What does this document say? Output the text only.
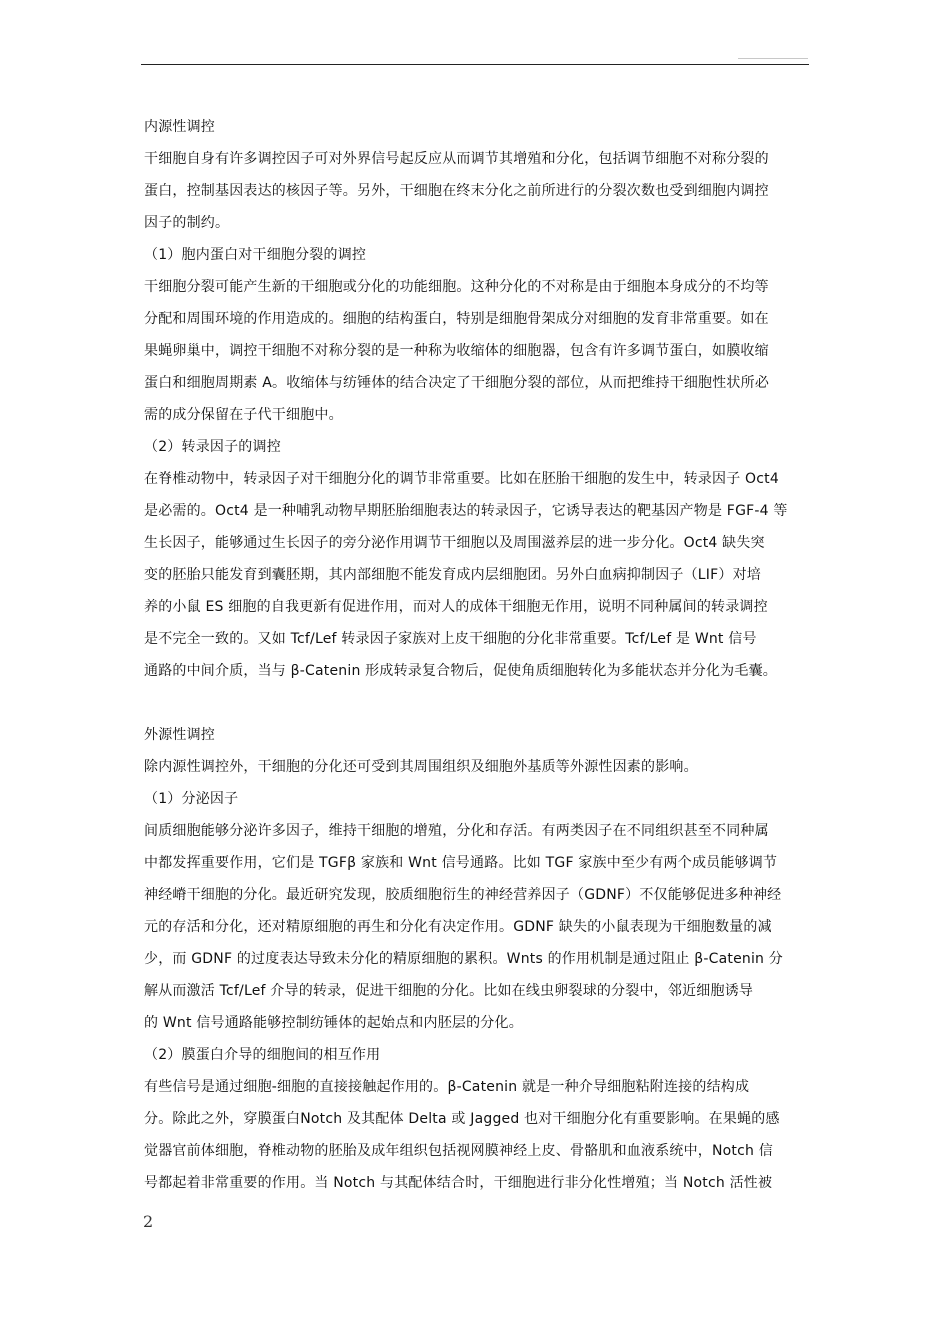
内源性调控
干细胞自身有许多调控因子可对外界信号起反应从而调节其增殖和分化，包括调节细胞不对称分裂的
蛋白，控制基因表达的核因子等。另外，干细胞在终末分化之前所进行的分裂次数也受到细胞内调控
因子的制约。
（1）胞内蛋白对干细胞分裂的调控
干细胞分裂可能产生新的干细胞或分化的功能细胞。这种分化的不对称是由于细胞本身成分的不均等
分配和周围环境的作用造成的。细胞的结构蛋白，特别是细胞骨架成分对细胞的发育非常重要。如在
果蝇卵巢中，调控干细胞不对称分裂的是一种称为收缩体的细胞器，包含有许多调节蛋白，如膜收缩
蛋白和细胞周期素 A。收缩体与纺锤体的结合决定了干细胞分裂的部位，从而把维持干细胞性状所必
需的成分保留在子代干细胞中。
（2）转录因子的调控
在脊椎动物中，转录因子对干细胞分化的调节非常重要。比如在胚胎干细胞的发生中，转录因子 Oct4
是必需的。Oct4 是一种哺乳动物早期胚胎细胞表达的转录因子，它诱导表达的靶基因产物是 FGF-4 等
生长因子，能够通过生长因子的旁分泌作用调节干细胞以及周围滋养层的进一步分化。Oct4 缺失突
变的胚胎只能发育到囊胚期，其内部细胞不能发育成内层细胞团。另外白血病抑制因子（LIF）对培
养的小鼠 ES 细胞的自我更新有促进作用，而对人的成体干细胞无作用，说明不同种属间的转录调控
是不完全一致的。又如 Tcf/Lef 转录因子家族对上皮干细胞的分化非常重要。Tcf/Lef 是 Wnt 信号
通路的中间介质，当与 β-Catenin 形成转录复合物后，促使角质细胞转化为多能状态并分化为毛囊。
外源性调控
除内源性调控外，干细胞的分化还可受到其周围组织及细胞外基质等外源性因素的影响。
（1）分泌因子
间质细胞能够分泌许多因子，维持干细胞的增殖，分化和存活。有两类因子在不同组织甚至不同种属
中都发挥重要作用，它们是 TGFβ 家族和 Wnt 信号通路。比如 TGF 家族中至少有两个成员能够调节
神经嵴干细胞的分化。最近研究发现，胶质细胞衍生的神经营养因子（GDNF）不仅能够促进多种神经
元的存活和分化，还对精原细胞的再生和分化有决定作用。GDNF 缺失的小鼠表现为干细胞数量的减
少，而 GDNF 的过度表达导致未分化的精原细胞的累积。Wnts 的作用机制是通过阻止 β-Catenin 分
解从而激活 Tcf/Lef 介导的转录，促进干细胞的分化。比如在线虫卵裂球的分裂中，邻近细胞诱导
的 Wnt 信号通路能够控制纺锤体的起始点和内胚层的分化。
（2）膜蛋白介导的细胞间的相互作用
有些信号是通过细胞-细胞的直接接触起作用的。β-Catenin 就是一种介导细胞粘附连接的结构成
分。除此之外，穿膜蛋白Notch 及其配体 Delta 或 Jagged 也对干细胞分化有重要影响。在果蝇的感
觉器官前体细胞，脊椎动物的胚胎及成年组织包括视网膜神经上皮、骨骼肌和血液系统中，Notch 信
号都起着非常重要的作用。当 Notch 与其配体结合时，干细胞进行非分化性增殖；当 Notch 活性被
2
